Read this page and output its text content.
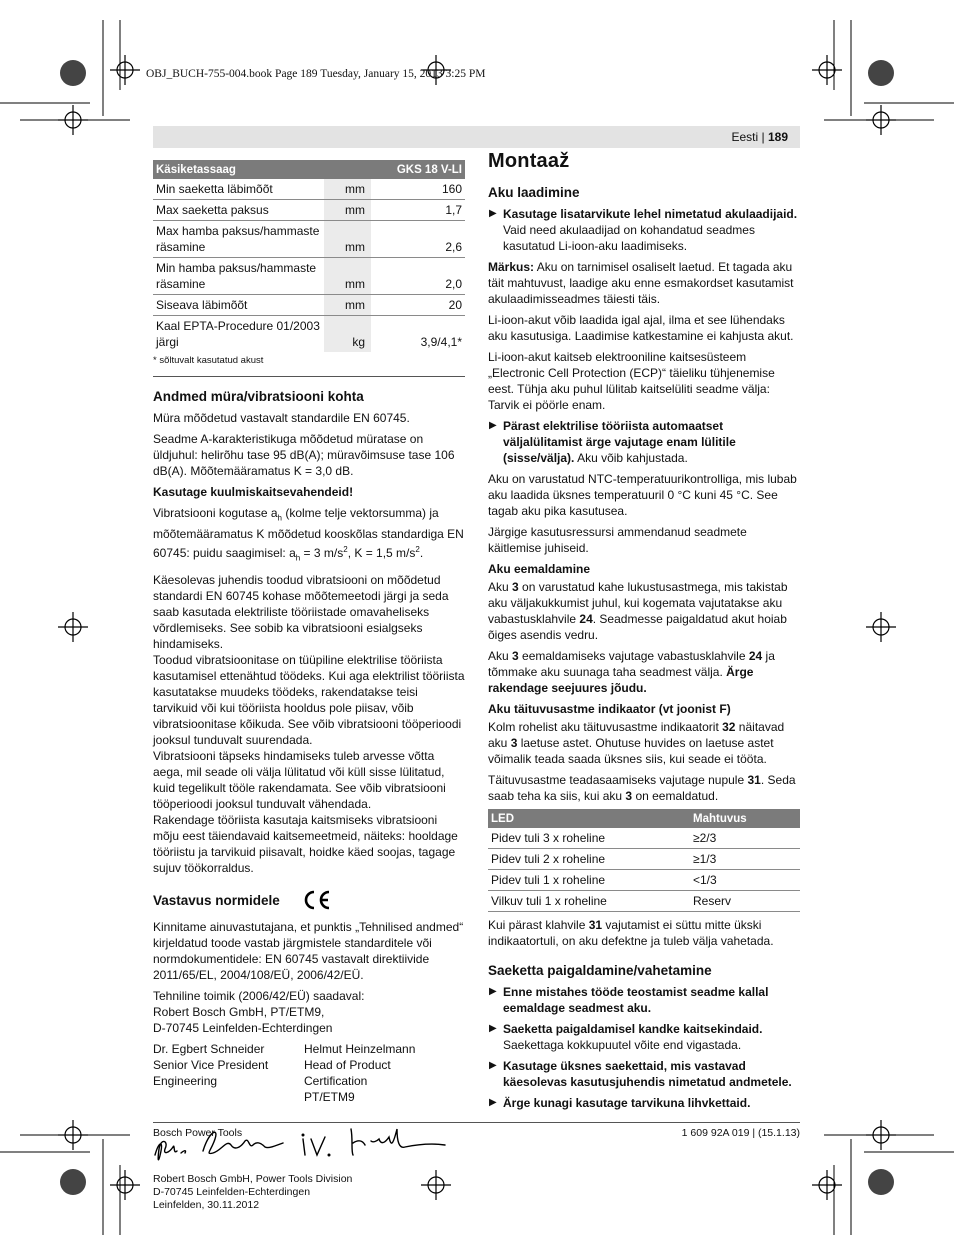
OBJ_BUCH-755-004.book Page 189 Tuesday, January 15, 2013 3:25 PM
Eesti | 189
Käsiketassaag		GKS 18 V-LI
Min saeketta läbimõõt	mm	160
Max saeketta paksus	mm	1,7
Max hamba paksus/hammaste räsamine	mm	2,6
Min hamba paksus/hammaste räsamine	mm	2,0
Siseava läbimõõt	mm	20
Kaal EPTA-Procedure 01/2003 järgi	kg	3,9/4,1*
* sõltuvalt kasutatud akust
Andmed müra/vibratsiooni kohta

Müra mõõdetud vastavalt standardile EN 60745.

Seadme A-karakteristikuga mõõdetud müratase on üldjuhul: helirõhu tase 95 dB(A); müravõimsuse tase 106 dB(A). Mõõtemääramatus K = 3,0 dB.

Kasutage kuulmiskaitsevahendeid!

Vibratsiooni kogutase $a_h$ (kolme telje vektorsumma) ja mõõtemääramatus K mõõdetud kooskõlas standardiga EN 60745: puidu saagimisel: $a_h = 3$ $m/s^2$, K = 1,5 $m/s^2$.

Käesolevas juhendis toodud vibratsiooni on mõõdetud standardi EN 60745 kohase mõõtemeetodi järgi ja seda saab kasutada elektriliste tööriistade omavaheliseks võrdlemiseks. See sobib ka vibratsiooni esialgseks hindamiseks.

Toodud vibratsioonitase on tüüpiline elektrilise tööriista kasutamisel ettenähtud töödeks. Kui aga elektrilist tööriista kasutatakse muudeks töödeks, rakendatakse teisi tarvikuid või kui tööriista hooldus pole piisav, võib vibratsioonitase kõikuda. See võib vibratsiooni tööperioodi jooksul tunduvalt suurendada.

Vibratsiooni täpseks hindamiseks tuleb arvesse võtta aega, mil seade oli välja lülitatud või küll sisse lülitatud, kuid tegelikult tööle rakendamata. See võib vibratsiooni tööperioodi jooksul tunduvalt vähendada.

Rakendage tööriista kasutaja kaitsmiseks vibratsiooni mõju eest täiendavaid kaitsemeetmeid, näiteks: hooldage tööriistu ja tarvikuid piisavalt, hoidke käed soojas, tagage sujuv töökorraldus.

Vastavus normidele

Kinnitame ainuvastutajana, et punktis „Tehnilised andmed“ kirjeldatud toode vastab järgmistele standarditele või normdokumentidele: EN 60745 vastavalt direktiivide 2011/65/EL, 2004/108/EÜ, 2006/42/EÜ.

Tehniline toimik (2006/42/EÜ) saadaval:

Robert Bosch GmbH, PT/ETM9,

D-70745 Leinfelden-Echterdingen

Dr. Egbert Schneider
Senior Vice President
Engineering
Helmut Heinzelmann
Head of Product Certification
PT/ETM9
Robert Bosch GmbH, Power Tools Division
D-70745 Leinfelden-Echterdingen
Leinfelden, 30.11.2012
Montaaž
Aku laadimine
▶ Kasutage lisatarvikute lehel nimetatud akulaadijaid. Vaid need akulaadijad on kohandatud seadmes kasutatud Li-ioon-aku laadimiseks.

Märkus: Aku on tarnimisel osaliselt laetud. Et tagada aku täit mahtuvust, laadige aku enne esmakordset kasutamist akulaadimisseadmes täiesti täis.

Li-ioon-akut võib laadida igal ajal, ilma et see lühendaks aku kasutusiga. Laadimise katkestamine ei kahjusta akut.

Li-ioon-akut kaitseb elektrooniline kaitsesüsteem „Electronic Cell Protection (ECP)“ täieliku tühjenemise eest. Tühja aku puhul lülitab kaitselüliti seadme välja: Tarvik ei pöörle enam.

▶ Pärast elektrilise tööriista automaatset väljalülitamist ärge vajutage enam lülitile (sisse/välja). Aku võib kahjustada.

Aku on varustatud NTC-temperatuurikontrolliga, mis lubab aku laadida üksnes temperatuuril 0 °C kuni 45 °C. See tagab aku pika kasutusea.

Järgige kasutusressursi ammendanud seadmete käitlemise juhiseid.

Aku eemaldamine

Aku 3 on varustatud kahe lukustusastmega, mis takistab aku väljakukkumist juhul, kui kogemata vajutatakse aku vabastusklahvile 24. Seadmesse paigaldatud akut hoiab õiges asendis vedru.

Aku 3 eemaldamiseks vajutage vabastusklahvile 24 ja tõmmake aku suunaga taha seadmest välja. Ärge rakendage seejuures jõudu.

Aku täituvusastme indikaator (vt joonist F)

Kolm rohelist aku täituvusastme indikaatorit 32 näitavad aku 3 laetuse astet. Ohutuse huvides on laetuse astet võimalik teada saada üksnes siis, kui seade ei tööta.

Täituvusastme teadasaamiseks vajutage nupule 31. Seda saab teha ka siis, kui aku 3 on eemaldatud.

LED	Mahtuvus
Pidev tuli 3 x roheline	≥2/3
Pidev tuli 2 x roheline	≥1/3
Pidev tuli 1 x roheline	<1/3
Vilkuv tuli 1 x roheline	Reserv

Kui pärast klahvile 31 vajutamist ei süttu mitte ükski indikaatortuli, on aku defektne ja tuleb välja vahetada.

Saeketta paigaldamine/vahetamine
▶ Enne mistahes tööde teostamist seadme kallal eemaldage seadmest aku.
▶ Saeketta paigaldamisel kandke kaitsekindaid. Saekettaga kokkupuutel võite end vigastada.
▶ Kasutage üksnes saekettaid, mis vastavad käesolevas kasutusjuhendis nimetatud andmetele.
▶ Ärge kunagi kasutage tarvikuna lihvkettaid.
Bosch Power Tools	1 609 92A 019 | (15.1.13)
